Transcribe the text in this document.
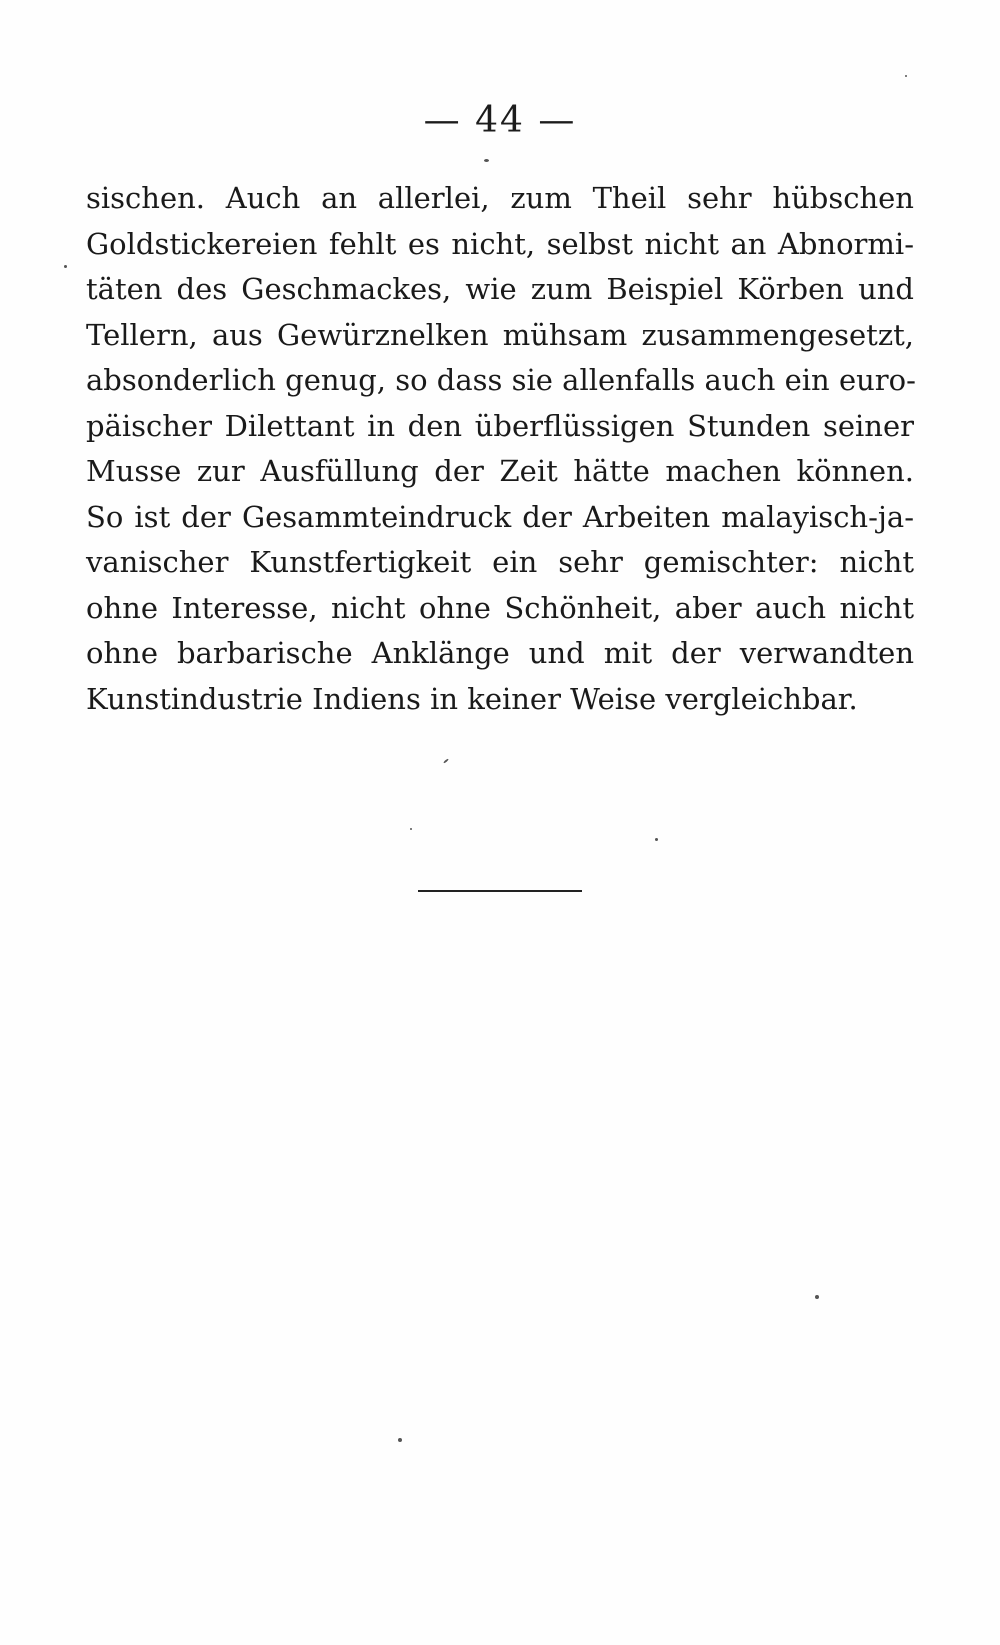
— 44 —
sischen. Auch an allerlei, zum Theil sehr hübschen
Goldstickereien fehlt es nicht, selbst nicht an Abnormi-
täten des Geschmackes, wie zum Beispiel Körben und
Tellern, aus Gewürznelken mühsam zusammengesetzt,
absonderlich genug, so dass sie allenfalls auch ein euro-
päischer Dilettant in den überflüssigen Stunden seiner
Musse zur Ausfüllung der Zeit hätte machen können.
So ist der Gesammteindruck der Arbeiten malayisch-ja-
vanischer Kunstfertigkeit ein sehr gemischter: nicht
ohne Interesse, nicht ohne Schönheit, aber auch nicht
ohne barbarische Anklänge und mit der verwandten
Kunstindustrie Indiens in keiner Weise vergleichbar.
